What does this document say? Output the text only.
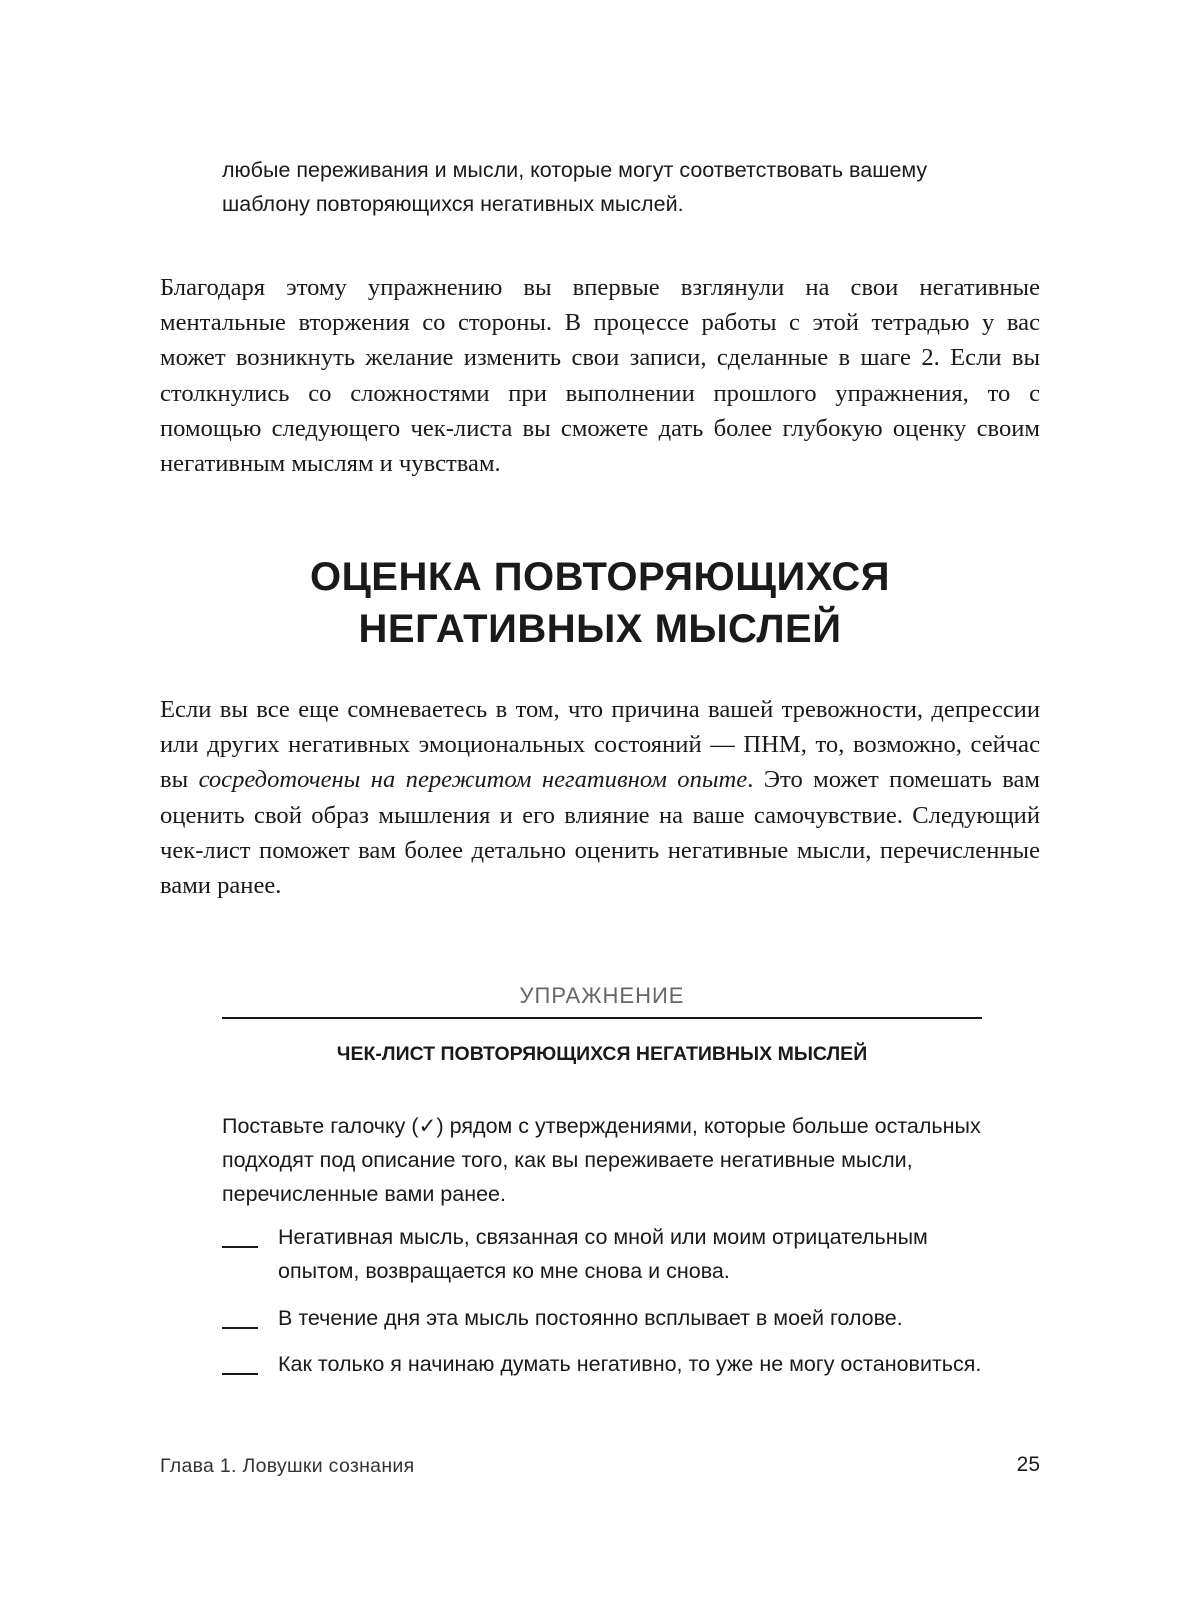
любые переживания и мысли, которые могут соответствовать вашему

шаблону повторяющихся негативных мыслей.

Благодаря этому упражнению вы впервые взглянули на свои негативные ментальные вторжения со стороны. В процессе работы с этой тетрадью у вас может возникнуть желание изменить свои записи, сделанные в шаге 2. Если вы столкнулись со сложностями при выполнении прошлого упражнения, то с помощью следующего чек-листа вы сможете дать более глубокую оценку своим негативным мыслям и чувствам.

ОЦЕНКА ПОВТОРЯЮЩИХСЯ
НЕГАТИВНЫХ МЫСЛЕЙ

Если вы все еще сомневаетесь в том, что причина вашей тревожности, депрессии или других негативных эмоциональных состояний — ПНМ, то, возможно, сейчас вы сосредоточены на пережитом негативном опыте. Это может помешать вам оценить свой образ мышления и его влияние на ваше самочувствие. Следующий чек-лист поможет вам более детально оценить негативные мысли, перечисленные вами ранее.

УПРАЖНЕНИЕ
ЧЕК-ЛИСТ ПОВТОРЯЮЩИХСЯ НЕГАТИВНЫХ МЫСЛЕЙ

Поставьте галочку (✓) рядом с утверждениями, которые больше остальных подходят под описание того, как вы переживаете негативные мысли, перечисленные вами ранее.

Негативная мысль, связанная со мной или моим отрицательным опытом, возвращается ко мне снова и снова.
В течение дня эта мысль постоянно всплывает в моей голове.
Как только я начинаю думать негативно, то уже не могу остановиться.
Глава 1. Ловушки сознания	25
